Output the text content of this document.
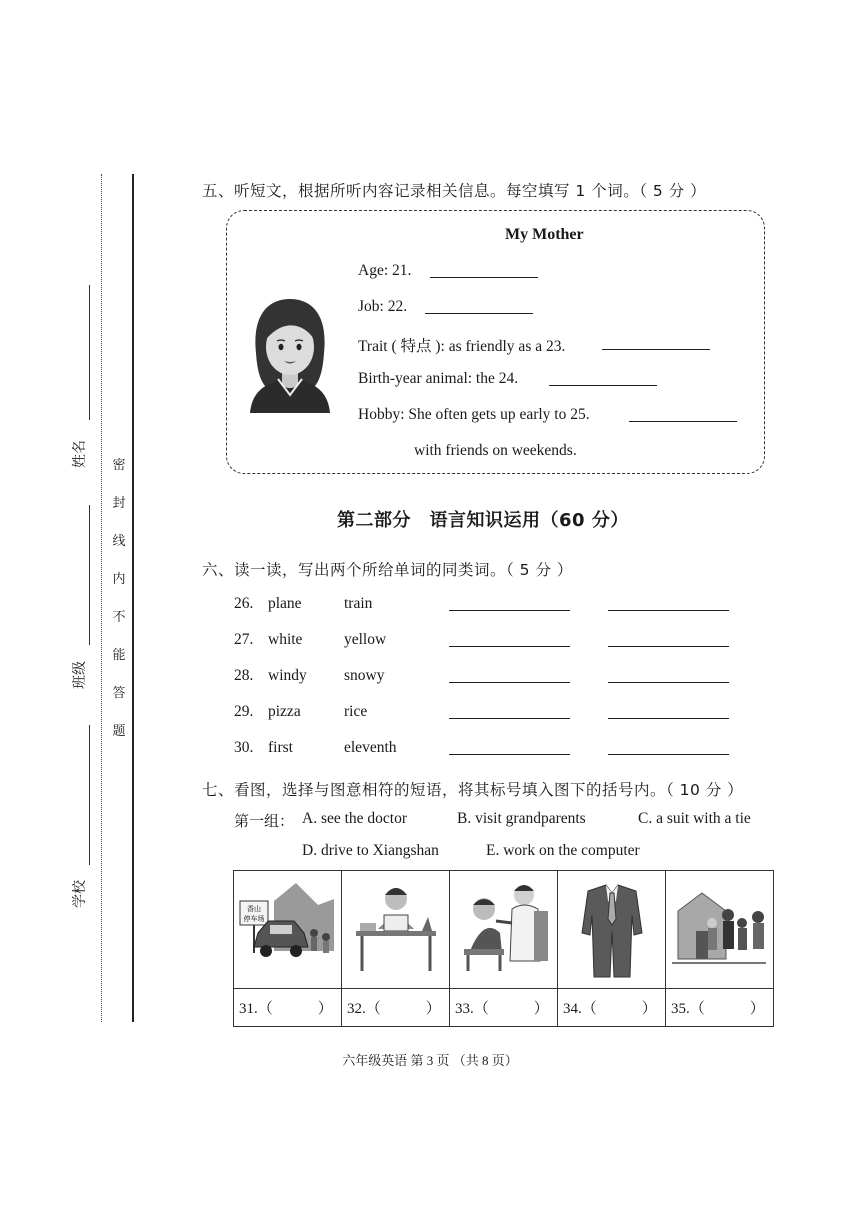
密
封
线
内
不
能
答
题
姓名
班级
学校
五、听短文，根据所听内容记录相关信息。每空填写 1 个词。（ 5 分 ）
My Mother
Age: 21.
Job: 22.
Trait ( 特点 ): as friendly as a 23.
Birth-year animal: the 24.
Hobby: She often gets up early to 25.
with friends on weekends.
第二部分　语言知识运用（60 分）
六、读一读，写出两个所给单词的同类词。（ 5 分 ）
26. plane	train
27. white	yellow
28. windy snowy
29. pizza	rice
30. first	eleventh
七、看图，选择与图意相符的短语，将其标号填入图下的括号内。（ 10 分 ）
第一组： A. see the doctor	B. visit grandparents	C. a suit with a tie
D. drive to Xiangshan	E. work on the computer
香山
停车场

31.（　　　）	32.（　　　）	33.（　　　）	34.（　　　）	35.（　　　）
六年级英语 第 3 页 （共 8 页）
